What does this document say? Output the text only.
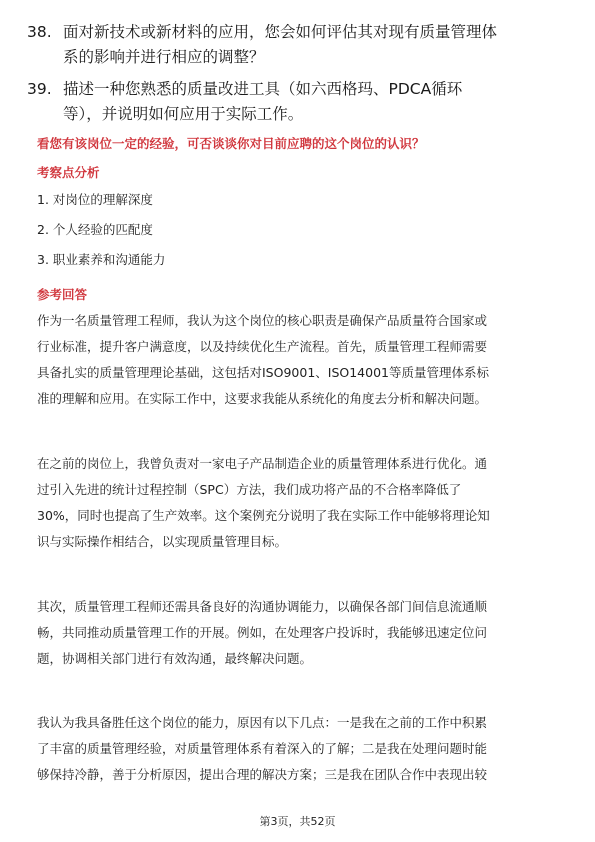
38. 面对新技术或新材料的应用，您会如何评估其对现有质量管理体
系的影响并进行相应的调整？
39. 描述一种您熟悉的质量改进工具（如六西格玛、PDCA循环
等），并说明如何应用于实际工作。
看您有该岗位一定的经验，可否谈谈你对目前应聘的这个岗位的认识？
考察点分析
1. 对岗位的理解深度
2. 个人经验的匹配度
3. 职业素养和沟通能力
参考回答
作为一名质量管理工程师，我认为这个岗位的核心职责是确保产品质量符合国家或
行业标准，提升客户满意度，以及持续优化生产流程。首先，质量管理工程师需要
具备扎实的质量管理理论基础，这包括对ISO9001、ISO14001等质量管理体系标
准的理解和应用。在实际工作中，这要求我能从系统化的角度去分析和解决问题。
在之前的岗位上，我曾负责对一家电子产品制造企业的质量管理体系进行优化。通
过引入先进的统计过程控制（SPC）方法，我们成功将产品的不合格率降低了
30%，同时也提高了生产效率。这个案例充分说明了我在实际工作中能够将理论知
识与实际操作相结合，以实现质量管理目标。
其次，质量管理工程师还需具备良好的沟通协调能力，以确保各部门间信息流通顺
畅，共同推动质量管理工作的开展。例如，在处理客户投诉时，我能够迅速定位问
题，协调相关部门进行有效沟通，最终解决问题。
我认为我具备胜任这个岗位的能力，原因有以下几点：一是我在之前的工作中积累
了丰富的质量管理经验，对质量管理体系有着深入的了解；二是我在处理问题时能
够保持冷静，善于分析原因，提出合理的解决方案；三是我在团队合作中表现出较
第3页，共52页
